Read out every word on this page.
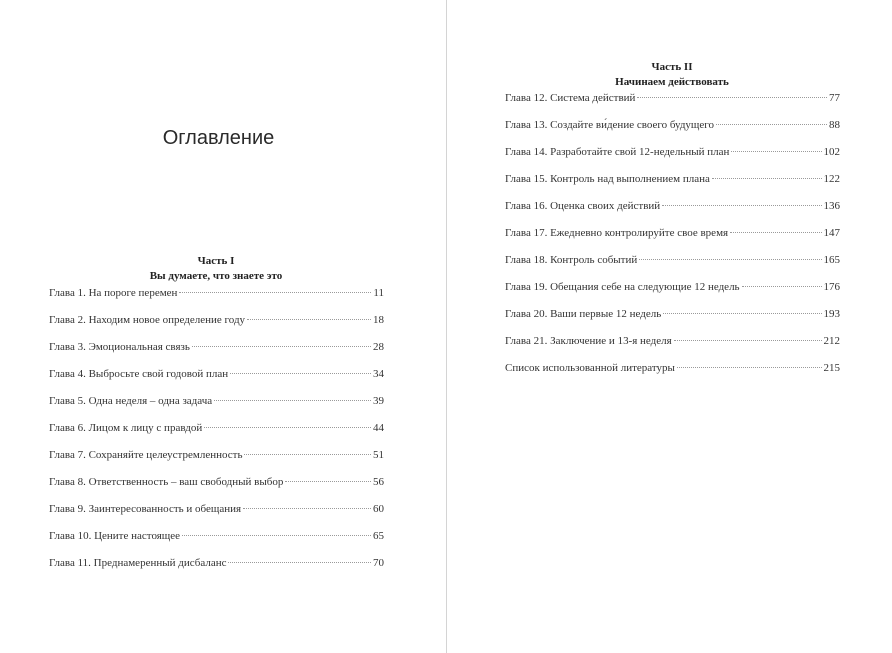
Оглавление
Часть I
Вы думаете, что знаете это
Глава 1. На пороге перемен	11
Глава 2. Находим новое определение году	18
Глава 3. Эмоциональная связь	28
Глава 4. Выбросьте свой годовой план	34
Глава 5. Одна неделя – одна задача	39
Глава 6. Лицом к лицу с правдой	44
Глава 7. Сохраняйте целеустремленность	51
Глава 8. Ответственность – ваш свободный выбор	56
Глава 9. Заинтересованность и обещания	60
Глава 10. Цените настоящее	65
Глава 11. Преднамеренный дисбаланс	70
Часть II
Начинаем действовать
Глава 12. Система действий	77
Глава 13. Создайте ви́дение своего будущего	88
Глава 14. Разработайте свой 12-недельный план	102
Глава 15. Контроль над выполнением плана	122
Глава 16. Оценка своих действий	136
Глава 17. Ежедневно контролируйте свое время	147
Глава 18. Контроль событий	165
Глава 19. Обещания себе на следующие 12 недель	176
Глава 20. Ваши первые 12 недель	193
Глава 21. Заключение и 13-я неделя	212
Список использованной литературы	215
